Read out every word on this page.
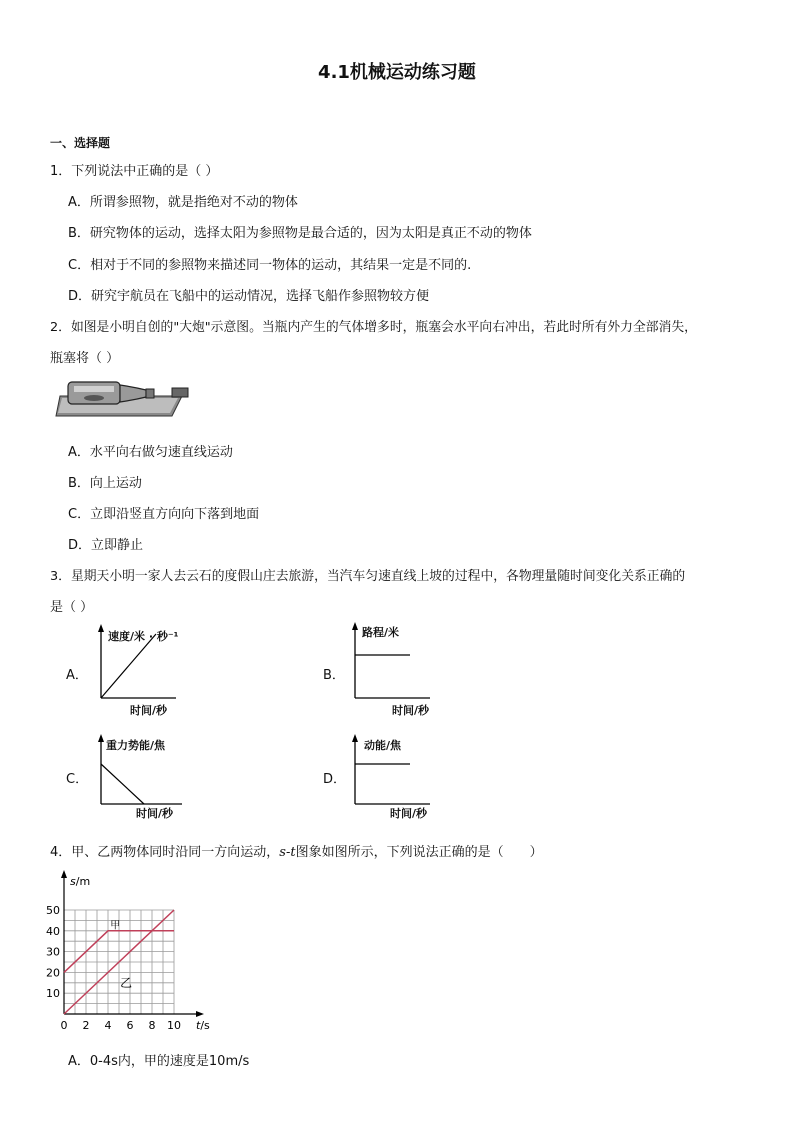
4.1机械运动练习题
一、选择题
1．下列说法中正确的是（ ）
A．所谓参照物，就是指绝对不动的物体
B．研究物体的运动，选择太阳为参照物是最合适的，因为太阳是真正不动的物体
C．相对于不同的参照物来描述同一物体的运动，其结果一定是不同的.
D．研究宇航员在飞船中的运动情况，选择飞船作参照物较方便
2．如图是小明自创的"大炮"示意图。当瓶内产生的气体增多时，瓶塞会水平向右冲出，若此时所有外力全部消失，
瓶塞将（ ）
A．水平向右做匀速直线运动
B．向上运动
C．立即沿竖直方向向下落到地面
D．立即静止
3．星期天小明一家人去云石的度假山庄去旅游，当汽车匀速直线上坡的过程中，各物理量随时间变化关系正确的
是（ ）
A．
速度/米 · 秒⁻¹
时间/秒
B．
路程/米
时间/秒
C．
重力势能/焦
时间/秒
D．
动能/焦
时间/秒
4．甲、乙两物体同时沿同一方向运动，s-t图象如图所示，下列说法正确的是（　　）
0 2 4 6 8 10
10
20
30
40
50
s/m
t/s
甲
乙
A．0-4s内，甲的速度是10m/s
